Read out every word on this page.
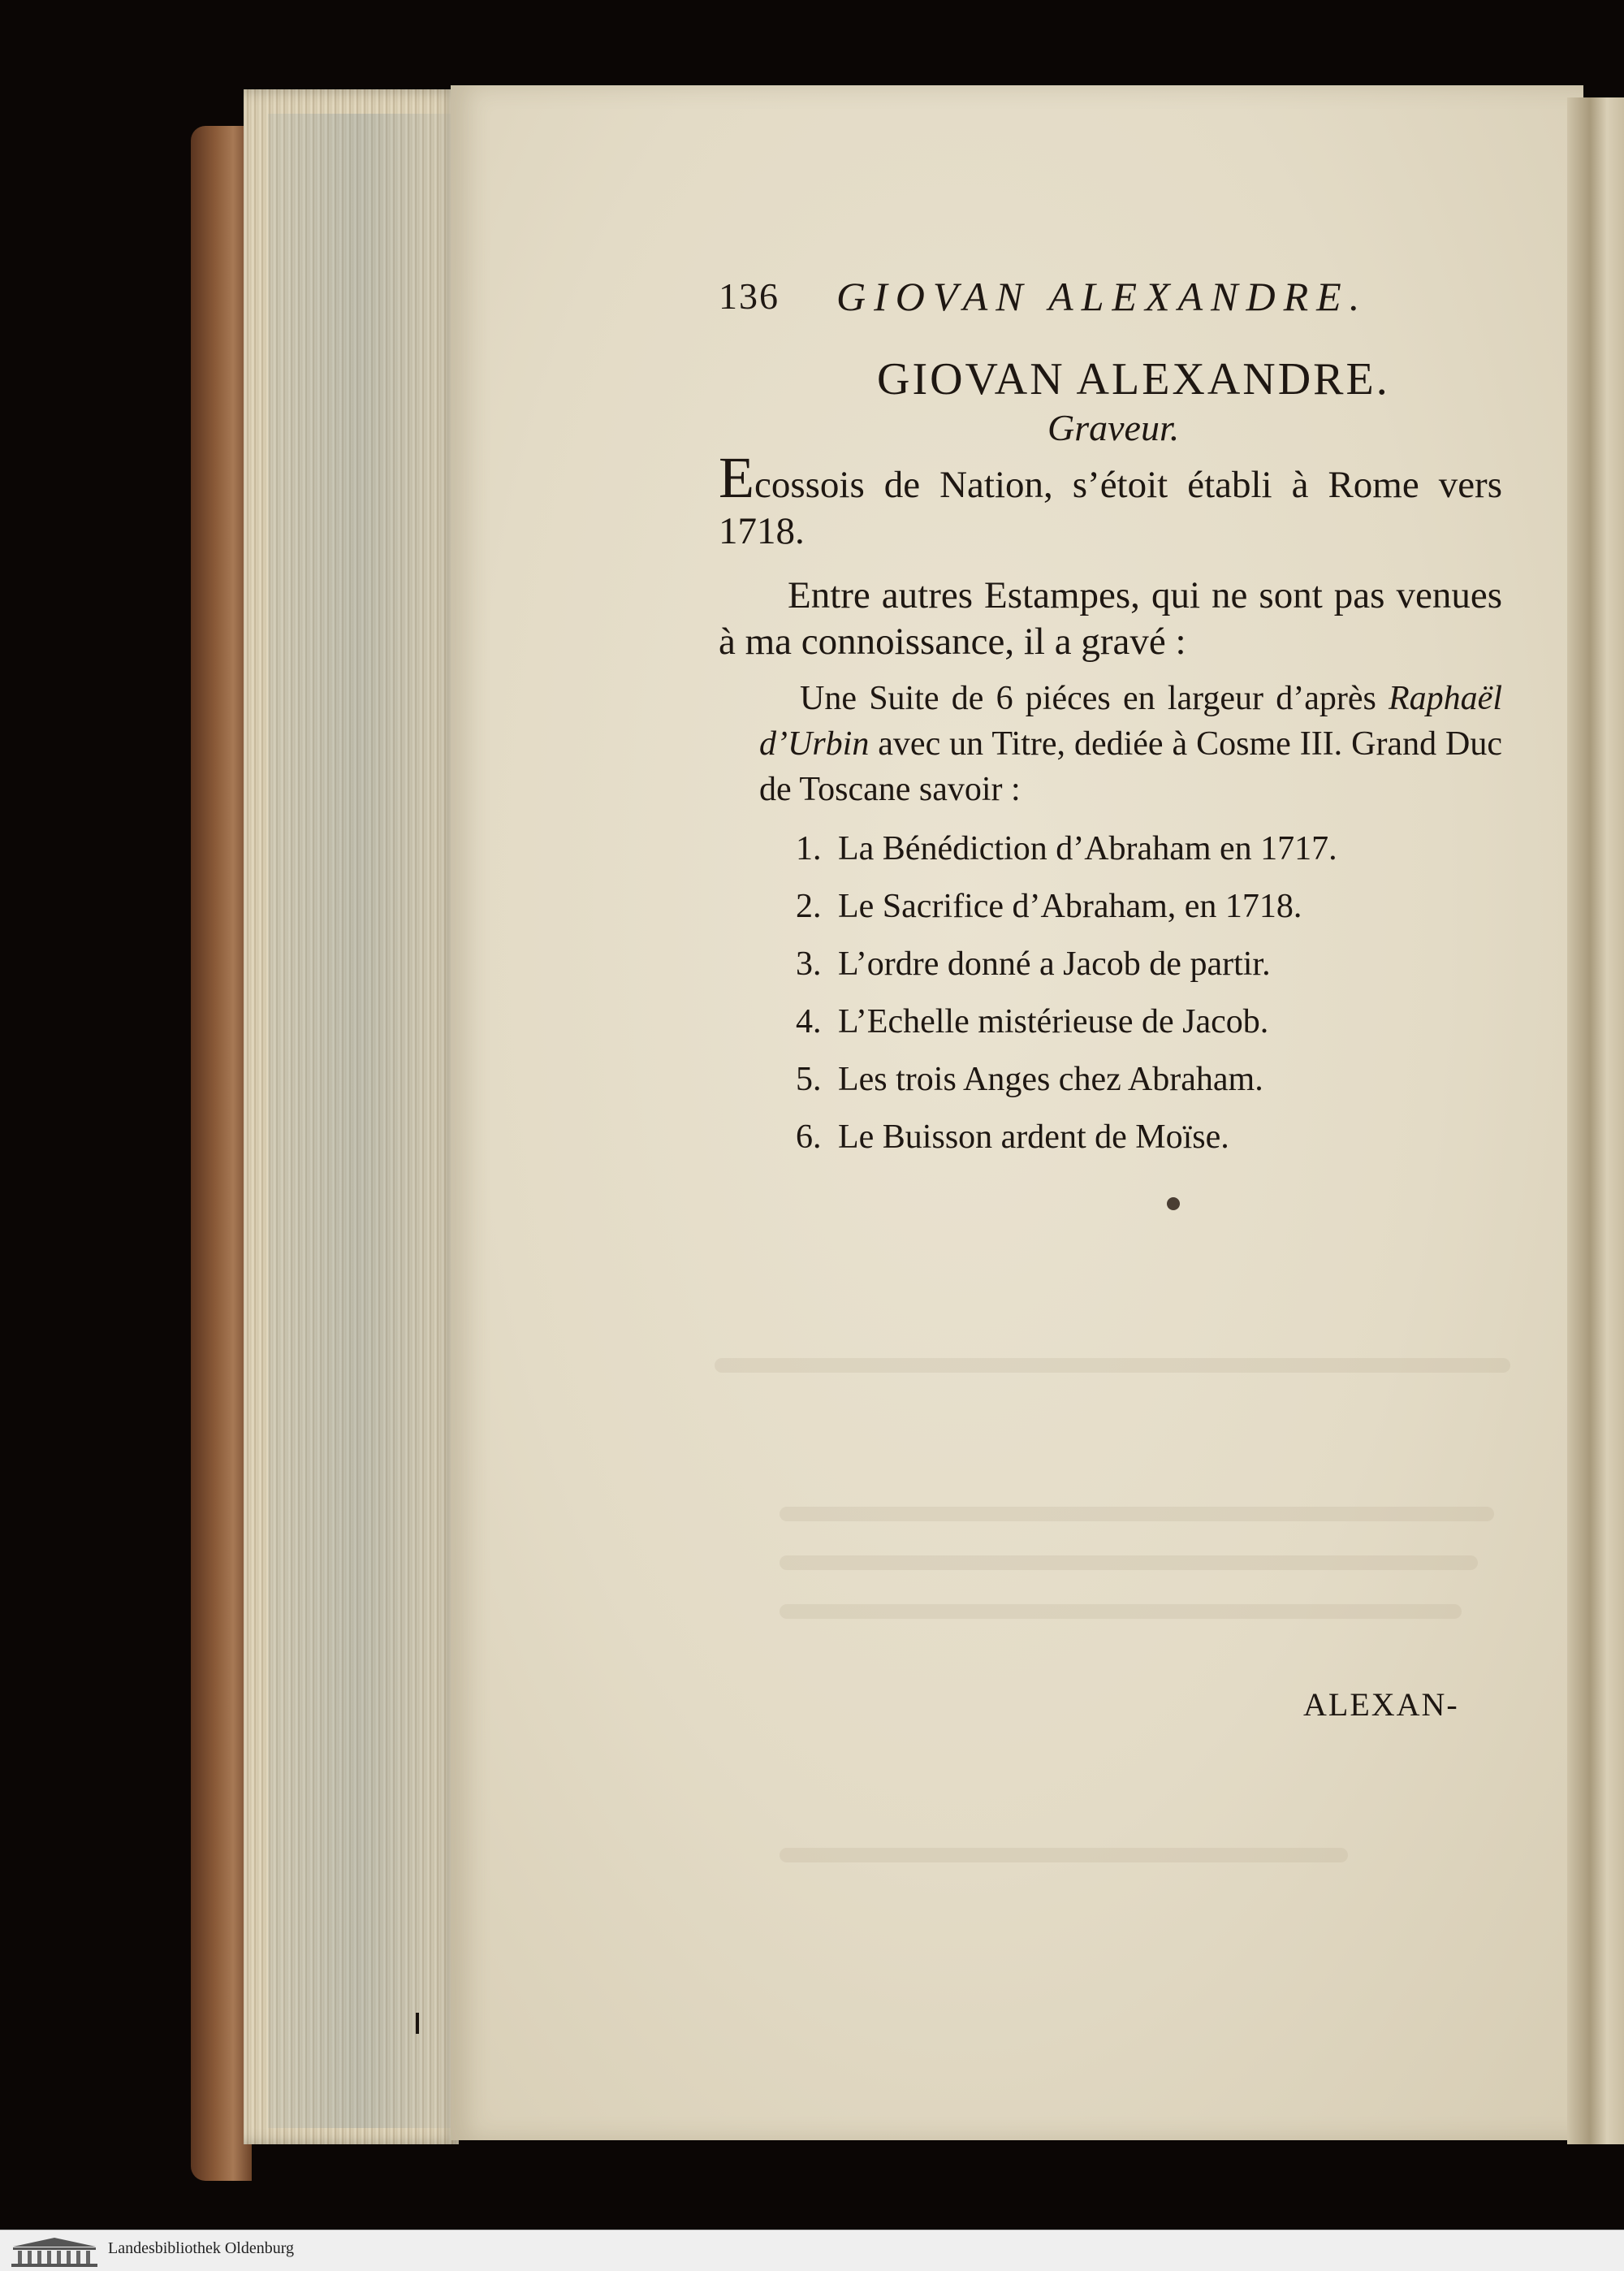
136 GIOVAN ALEXANDRE.
GIOVAN ALEXANDRE.
Graveur.
Ecossois de Nation, s’étoit établi à Rome vers 1718.
Entre autres Estampes, qui ne sont pas venues à ma connoissance, il a gravé :
Une Suite de 6 piéces en largeur d’après Raphaël d’Urbin avec un Titre, dediée à Cosme III. Grand Duc de Toscane savoir :
1. La Bénédiction d’Abraham en 1717.
2. Le Sacrifice d’Abraham, en 1718.
3. L’ordre donné a Jacob de partir.
4. L’Echelle mistérieuse de Jacob.
5. Les trois Anges chez Abraham.
6. Le Buisson ardent de Moïse.
ALEXAN-
Landesbibliothek Oldenburg
